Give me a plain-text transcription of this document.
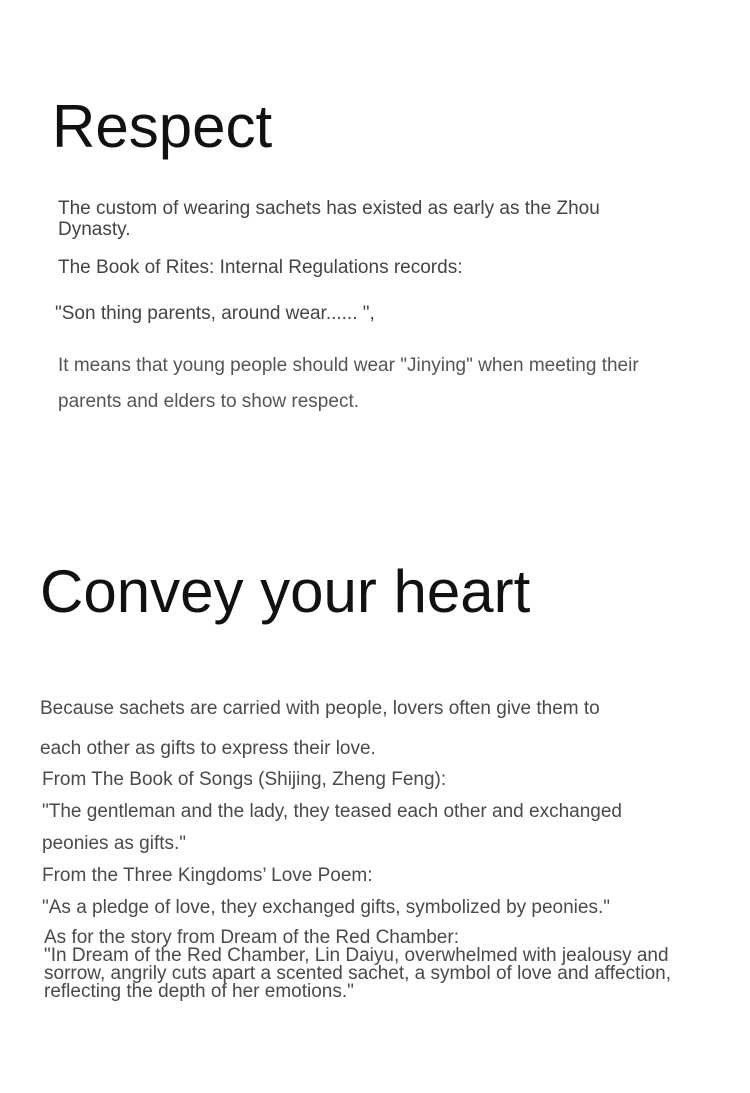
Respect
The custom of wearing sachets has existed as early as the Zhou Dynasty.
The Book of Rites: Internal Regulations records:
"Son thing parents, around wear...... ",
It means that young people should wear "Jinying" when meeting their
parents and elders to show respect.
Convey your heart
Because sachets are carried with people, lovers often give them to
each other as gifts to express their love.
From The Book of Songs (Shijing, Zheng Feng):
"The gentleman and the lady, they teased each other and exchanged
peonies as gifts."
From the Three Kingdoms’ Love Poem:
"As a pledge of love, they exchanged gifts, symbolized by peonies."
As for the story from Dream of the Red Chamber:
"In Dream of the Red Chamber, Lin Daiyu, overwhelmed with jealousy and sorrow, angrily cuts apart a scented sachet, a symbol of love and affection, reflecting the depth of her emotions."
